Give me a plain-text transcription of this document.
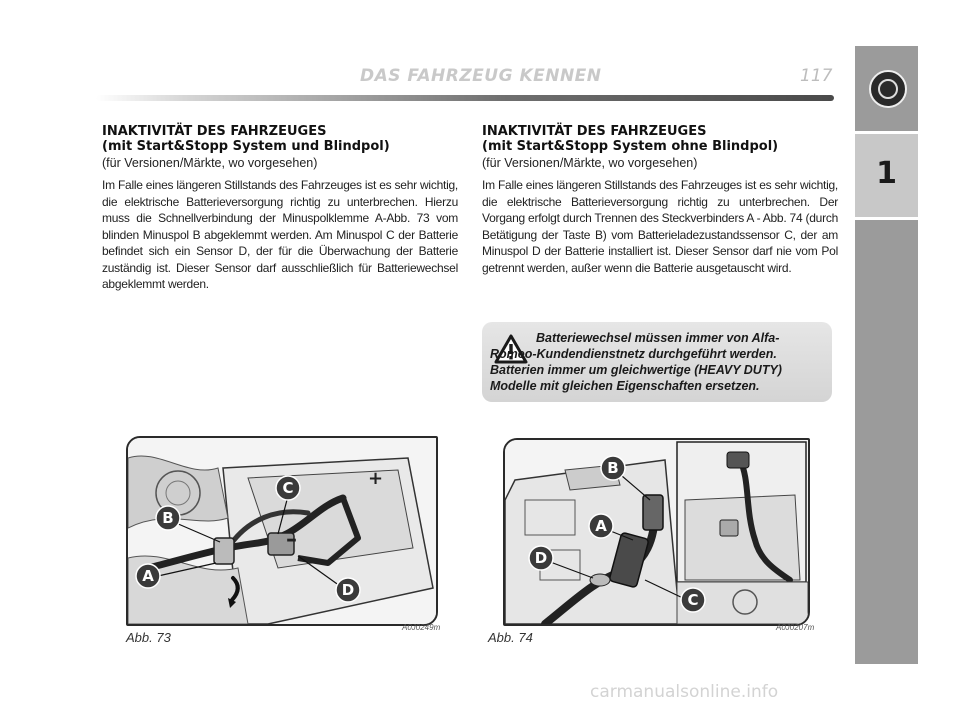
DAS FAHRZEUG KENNEN	117
1

INAKTIVITÄT DES FAHRZEUGES

(mit Start&Stopp System und Blindpol)

(für Versionen/Märkte, wo vorgesehen)

Im Falle eines längeren Stillstands des Fahrzeuges ist es sehr wichtig, die elektrische Batterieversorgung richtig zu unterbrechen. Hierzu muss die Schnellverbindung der Minuspolklemme A-Abb. 73 vom blinden Minuspol B abgeklemmt werden. Am Minuspol C der Batterie befindet sich ein Sensor D, der für die Überwachung der Batterie zuständig ist. Dieser Sensor darf ausschließlich für Batteriewechsel abgeklemmt werden.

INAKTIVITÄT DES FAHRZEUGES

(mit Start&Stopp System ohne Blindpol)

(für Versionen/Märkte, wo vorgesehen)

Im Falle eines längeren Stillstands des Fahrzeuges ist es sehr wichtig, die elektrische Batterieversorgung richtig zu unterbrechen. Der Vorgang erfolgt durch Trennen des Steckverbinders A - Abb. 74 (durch Betätigung der Taste B) vom Batterieladezustandssensor C, der am Minuspol D der Batterie installiert ist. Dieser Sensor darf nie vom Pol getrennt werden, außer wenn die Batterie ausgetauscht wird.

Batteriewechsel müssen immer von Alfa-Romeo-Kundendienstnetz durchgeführt werden. Batterien immer um gleichwertige (HEAVY DUTY) Modelle mit gleichen Eigenschaften ersetzen.

+
–
A
B
C
D
Abb. 73
A0J0249m
B
A
D
C
Abb. 74
A0J0207m
carmanualsonline.info
